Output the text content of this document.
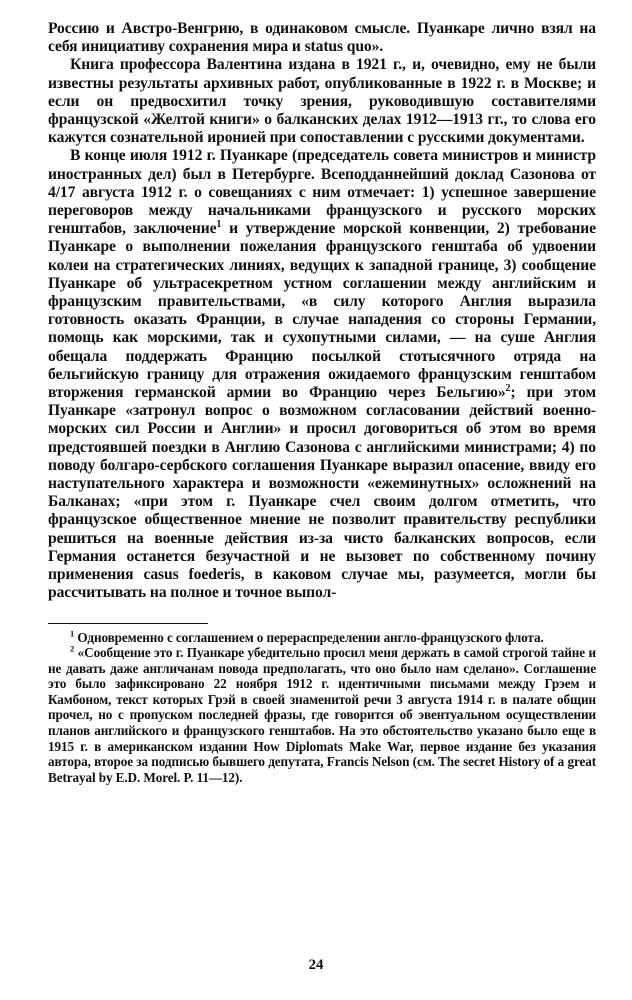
Россию и Австро-Венгрию, в одинаковом смысле. Пуанкаре лично взял на себя инициативу сохранения мира и status quo».

Книга профессора Валентина издана в 1921 г., и, очевидно, ему не были известны результаты архивных работ, опубликованные в 1922 г. в Москве; и если он предвосхитил точку зрения, руководившую составителями французской «Желтой книги» о балканских делах 1912—1913 гг., то слова его кажутся сознательной иронией при сопоставлении с русскими документами.

В конце июля 1912 г. Пуанкаре (председатель совета министров и министр иностранных дел) был в Петербурге. Всеподданнейший доклад Сазонова от 4/17 августа 1912 г. о совещаниях с ним отмечает: 1) успешное завершение переговоров между начальниками французского и русского морских генштабов, заключение$^1$ и утверждение морской конвенции, 2) требование Пуанкаре о выполнении пожелания французского генштаба об удвоении колеи на стратегических линиях, ведущих к западной границе, 3) сообщение Пуанкаре об ультрасекретном устном соглашении между английским и французским правительствами, «в силу которого Англия выразила готовность оказать Франции, в случае нападения со стороны Германии, помощь как морскими, так и сухопутными силами, — на суше Англия обещала поддержать Францию посылкой стотысячного отряда на бельгийскую границу для отражения ожидаемого французским генштабом вторжения германской армии во Францию через Бельгию»$^2$; при этом Пуанкаре «затронул вопрос о возможном согласовании действий военно-морских сил России и Англии» и просил договориться об этом во время предстоявшей поездки в Англию Сазонова с английскими министрами; 4) по поводу болгаро-сербского соглашения Пуанкаре выразил опасение, ввиду его наступательного характера и возможности «ежеминутных» осложнений на Балканах; «при этом г. Пуанкаре счел своим долгом отметить, что французское общественное мнение не позволит правительству республики решиться на военные действия из-за чисто балканских вопросов, если Германия останется безучастной и не вызовет по собственному почину применения casus foederis, в каковом случае мы, разумеется, могли бы рассчитывать на полное и точное выпол-

$^1$ Одновременно с соглашением о перераспределении англо-французского флота.

$^2$ «Сообщение это г. Пуанкаре убедительно просил меня держать в самой строгой тайне и не давать даже англичанам повода предполагать, что оно было нам сделано». Соглашение это было зафиксировано 22 ноября 1912 г. идентичными письмами между Грэем и Камбоном, текст которых Грэй в своей знаменитой речи 3 августа 1914 г. в палате общин прочел, но с пропуском последней фразы, где говорится об эвентуальном осуществлении планов английского и французского генштабов. На это обстоятельство указано было еще в 1915 г. в американском издании How Diplomats Make War, первое издание без указания автора, второе за подписью бывшего депутата, Francis Nelson (см. The secret History of a great Betrayal by E.D. Morel. P. 11—12).

24
